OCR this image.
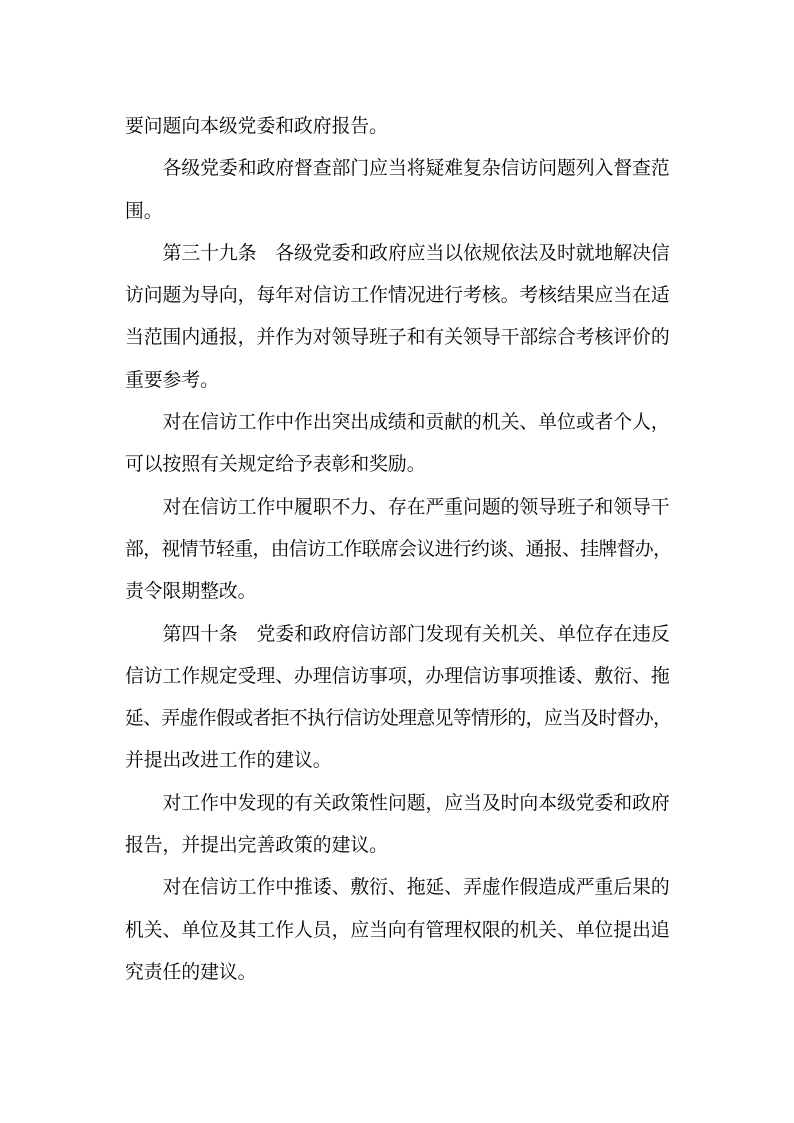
要问题向本级党委和政府报告。
各级党委和政府督查部门应当将疑难复杂信访问题列入督查范
围。
第三十九条　各级党委和政府应当以依规依法及时就地解决信
访问题为导向，每年对信访工作情况进行考核。考核结果应当在适
当范围内通报，并作为对领导班子和有关领导干部综合考核评价的
重要参考。
对在信访工作中作出突出成绩和贡献的机关、单位或者个人，
可以按照有关规定给予表彰和奖励。
对在信访工作中履职不力、存在严重问题的领导班子和领导干
部，视情节轻重，由信访工作联席会议进行约谈、通报、挂牌督办，
责令限期整改。
第四十条　党委和政府信访部门发现有关机关、单位存在违反
信访工作规定受理、办理信访事项，办理信访事项推诿、敷衍、拖
延、弄虚作假或者拒不执行信访处理意见等情形的，应当及时督办，
并提出改进工作的建议。
对工作中发现的有关政策性问题，应当及时向本级党委和政府
报告，并提出完善政策的建议。
对在信访工作中推诿、敷衍、拖延、弄虚作假造成严重后果的
机关、单位及其工作人员，应当向有管理权限的机关、单位提出追
究责任的建议。
